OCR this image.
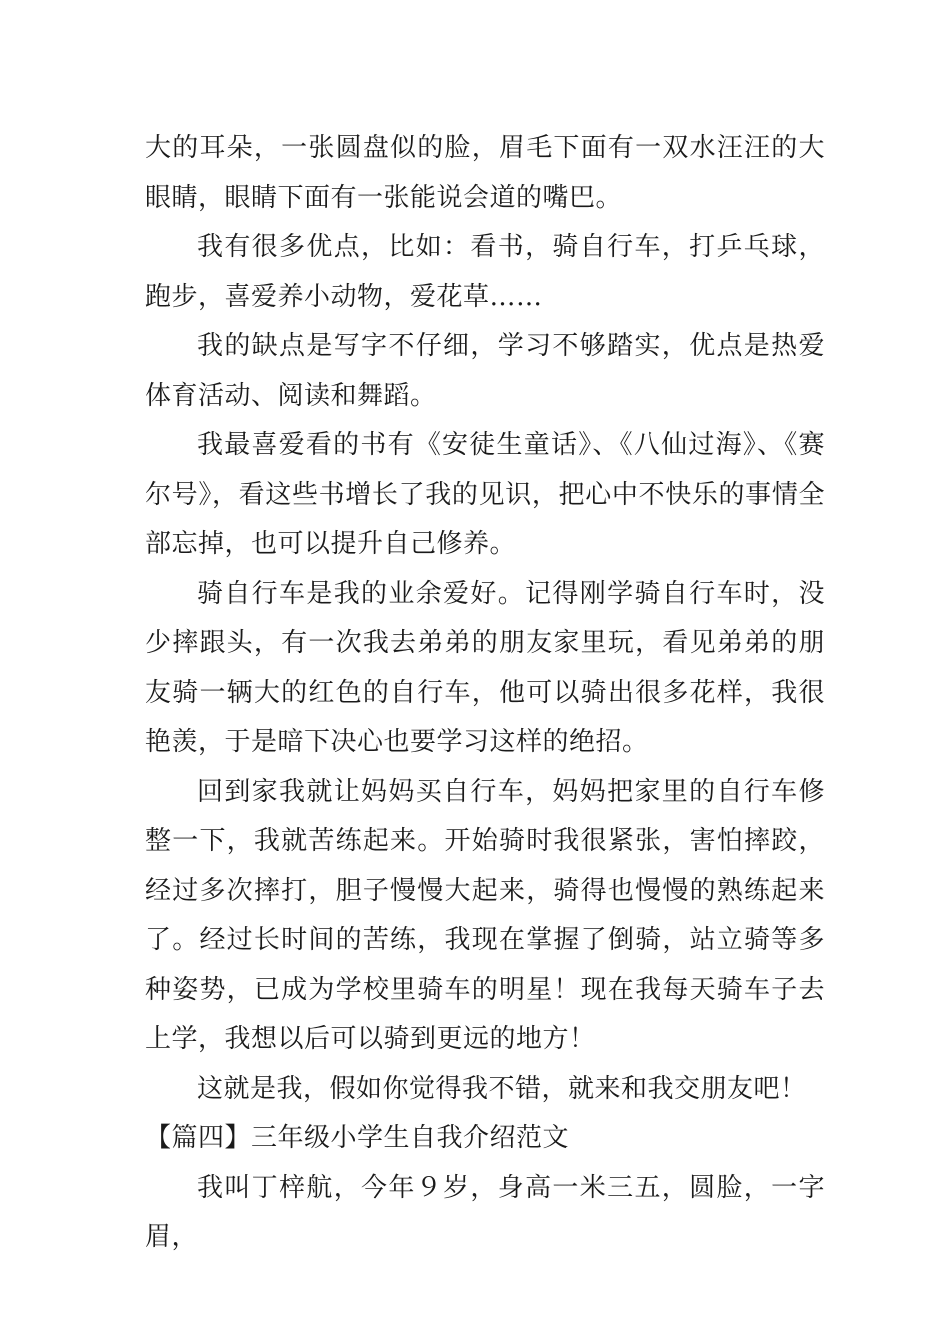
大的耳朵，一张圆盘似的脸，眉毛下面有一双水汪汪的大眼睛，眼睛下面有一张能说会道的嘴巴。

我有很多优点，比如：看书，骑自行车，打乒乓球，跑步，喜爱养小动物，爱花草……

我的缺点是写字不仔细，学习不够踏实，优点是热爱体育活动、阅读和舞蹈。

我最喜爱看的书有《安徒生童话》、《八仙过海》、《赛尔号》，看这些书增长了我的见识，把心中不快乐的事情全部忘掉，也可以提升自己修养。

骑自行车是我的业余爱好。记得刚学骑自行车时，没少摔跟头，有一次我去弟弟的朋友家里玩，看见弟弟的朋友骑一辆大的红色的自行车，他可以骑出很多花样，我很艳羡，于是暗下决心也要学习这样的绝招。

回到家我就让妈妈买自行车，妈妈把家里的自行车修整一下，我就苦练起来。开始骑时我很紧张，害怕摔跤，经过多次摔打，胆子慢慢大起来，骑得也慢慢的熟练起来了。经过长时间的苦练，我现在掌握了倒骑，站立骑等多种姿势，已成为学校里骑车的明星！现在我每天骑车子去上学，我想以后可以骑到更远的地方！

这就是我，假如你觉得我不错，就来和我交朋友吧！

【篇四】三年级小学生自我介绍范文

我叫丁梓航，今年９岁，身高一米三五，圆脸，一字眉，
